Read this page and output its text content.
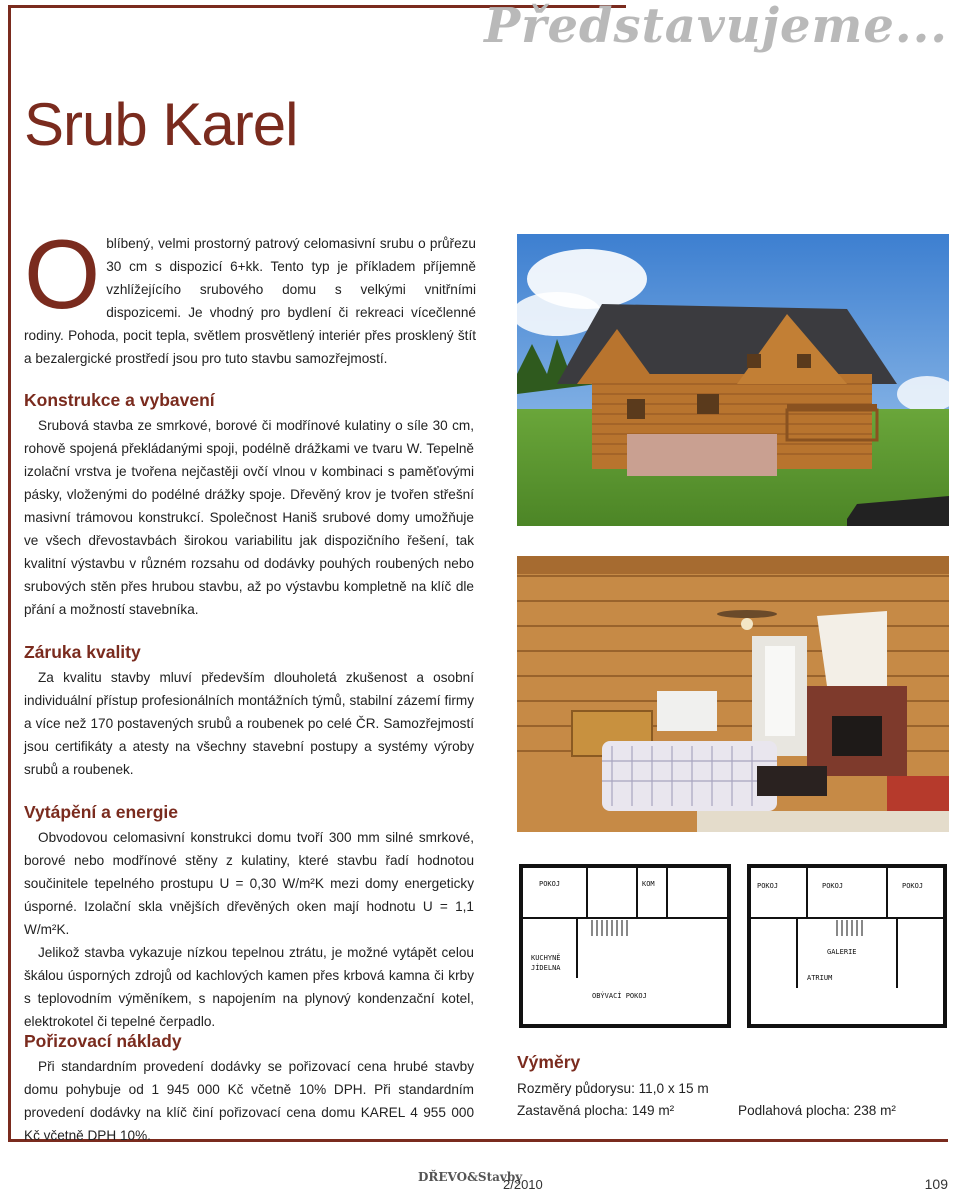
Představujeme...
Srub Karel
O blíbený, velmi prostorný patrový celomasivní srubu o průřezu 30 cm s dispozicí 6+kk. Tento typ je příkladem příjemně vzhlížejícího srubového domu s velkými vnitřními dispozicemi. Je vhodný pro bydlení či rekreaci vícečlenné rodiny. Pohoda, pocit tepla, světlem prosvětlený interiér přes prosklený štít a bezalergické prostředí jsou pro tuto stavbu samozřejmostí.
Konstrukce a vybavení

Srubová stavba ze smrkové, borové či modřínové kulatiny o síle 30 cm, rohově spojená překládanými spoji, podélně drážkami ve tvaru W. Tepelně izolační vrstva je tvořena nejčastěji ovčí vlnou v kombinaci s paměťovými pásky, vloženými do podélné drážky spoje. Dřevěný krov je tvořen střešní masivní trámovou konstrukcí. Společnost Haniš srubové domy umožňuje ve všech dřevostavbách širokou variabilitu jak dispozičního řešení, tak kvalitní výstavbu v různém rozsahu od dodávky pouhých roubených nebo srubových stěn přes hrubou stavbu, až po výstavbu kompletně na klíč dle přání a možností stavebníka.

Záruka kvality

Za kvalitu stavby mluví především dlouholetá zkušenost a osobní individuální přístup profesionálních montážních týmů, stabilní zázemí firmy a více než 170 postavených srubů a roubenek po celé ČR. Samozřejmostí jsou certifikáty a atesty na všechny stavební postupy a systémy výroby srubů a roubenek.

Vytápění a energie

Obvodovou celomasivní konstrukci domu tvoří 300 mm silné smrkové, borové nebo modřínové stěny z kulatiny, které stavbu řadí hodnotou součinitele tepelného prostupu U = 0,30 W/m²K mezi domy energeticky úsporné. Izolační skla vnějších dřevěných oken mají hodnotu U = 1,1 W/m²K.

Jelikož stavba vykazuje nízkou tepelnou ztrátu, je možné vytápět celou škálou úsporných zdrojů od kachlových kamen přes krbová kamna či krby s teplovodním výměníkem, s napojením na plynový kondenzační kotel, elektrokotel či tepelné čerpadlo.

Pořizovací náklady

Při standardním provedení dodávky se pořizovací cena hrubé stavby domu pohybuje od 1 945 000 Kč včetně 10% DPH. Při standardním provedení dodávky na klíč činí pořizovací cena domu KAREL 4 955 000 Kč včetně DPH 10%.

POKOJ	KOM
KUCHYNĚ
JÍDELNA
OBÝVACÍ POKOJ
POKOJ	POKOJ	POKOJ
GALERIE
ATRIUM
Výměry
Rozměry půdorysu: 11,0 x 15 m
Zastavěná plocha: 149 m²	Podlahová plocha: 238 m²
DŘEVO&Stavby
2/2010	109
